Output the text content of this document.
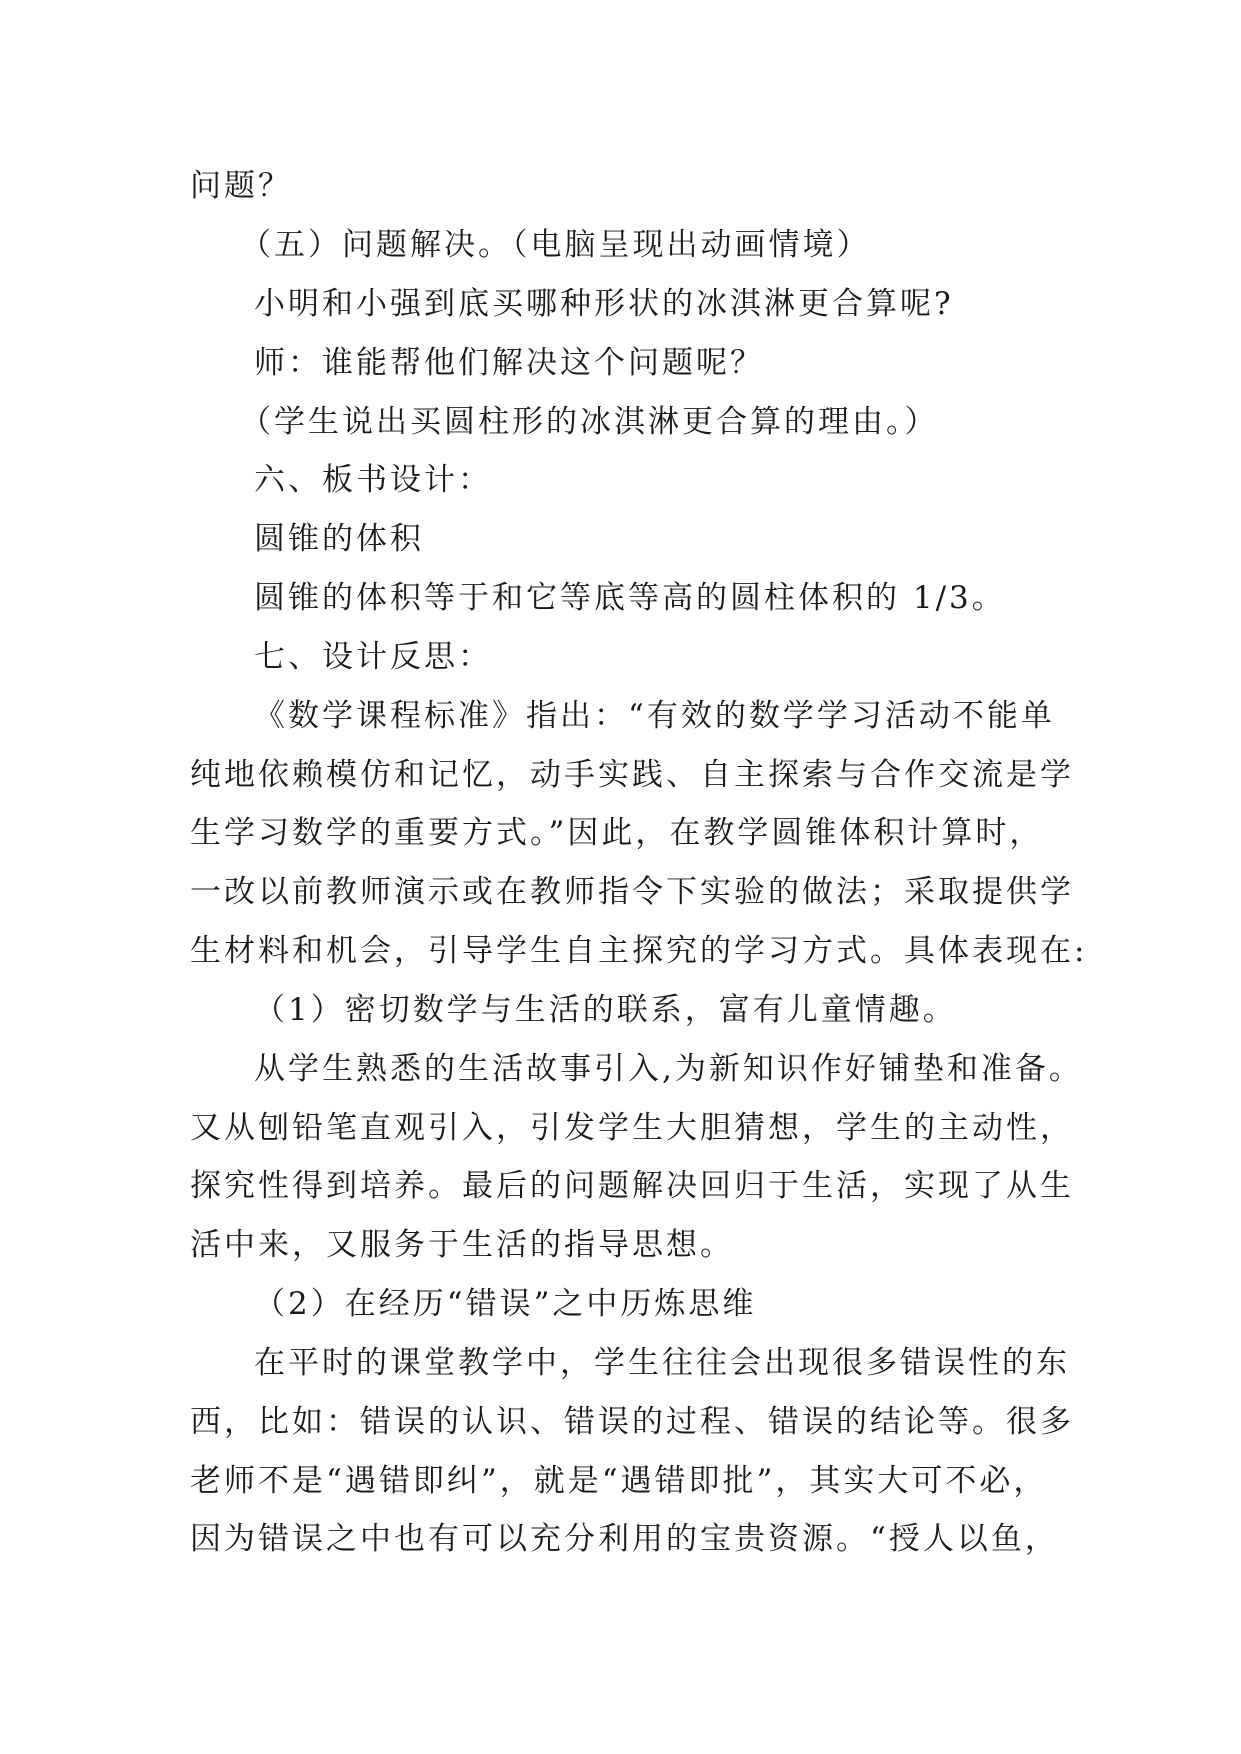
问题？
（五）问题解决。（电脑呈现出动画情境）
小明和小强到底买哪种形状的冰淇淋更合算呢?
师：谁能帮他们解决这个问题呢？
（学生说出买圆柱形的冰淇淋更合算的理由。）
六、板书设计：
圆锥的体积
圆锥的体积等于和它等底等高的圆柱体积的 1/3。
七、设计反思：
《数学课程标准》指出：“有效的数学学习活动不能单
纯地依赖模仿和记忆，动手实践、自主探索与合作交流是学
生学习数学的重要方式。”因此，在教学圆锥体积计算时，
一改以前教师演示或在教师指令下实验的做法；采取提供学
生材料和机会，引导学生自主探究的学习方式。具体表现在:
（1）密切数学与生活的联系，富有儿童情趣。
从学生熟悉的生活故事引入,为新知识作好铺垫和准备。
又从刨铅笔直观引入，引发学生大胆猜想，学生的主动性，
探究性得到培养。最后的问题解决回归于生活，实现了从生
活中来，又服务于生活的指导思想。
（2）在经历“错误”之中历炼思维
在平时的课堂教学中，学生往往会出现很多错误性的东
西，比如：错误的认识、错误的过程、错误的结论等。很多
老师不是“遇错即纠”，就是“遇错即批”，其实大可不必，
因为错误之中也有可以充分利用的宝贵资源。“授人以鱼，
